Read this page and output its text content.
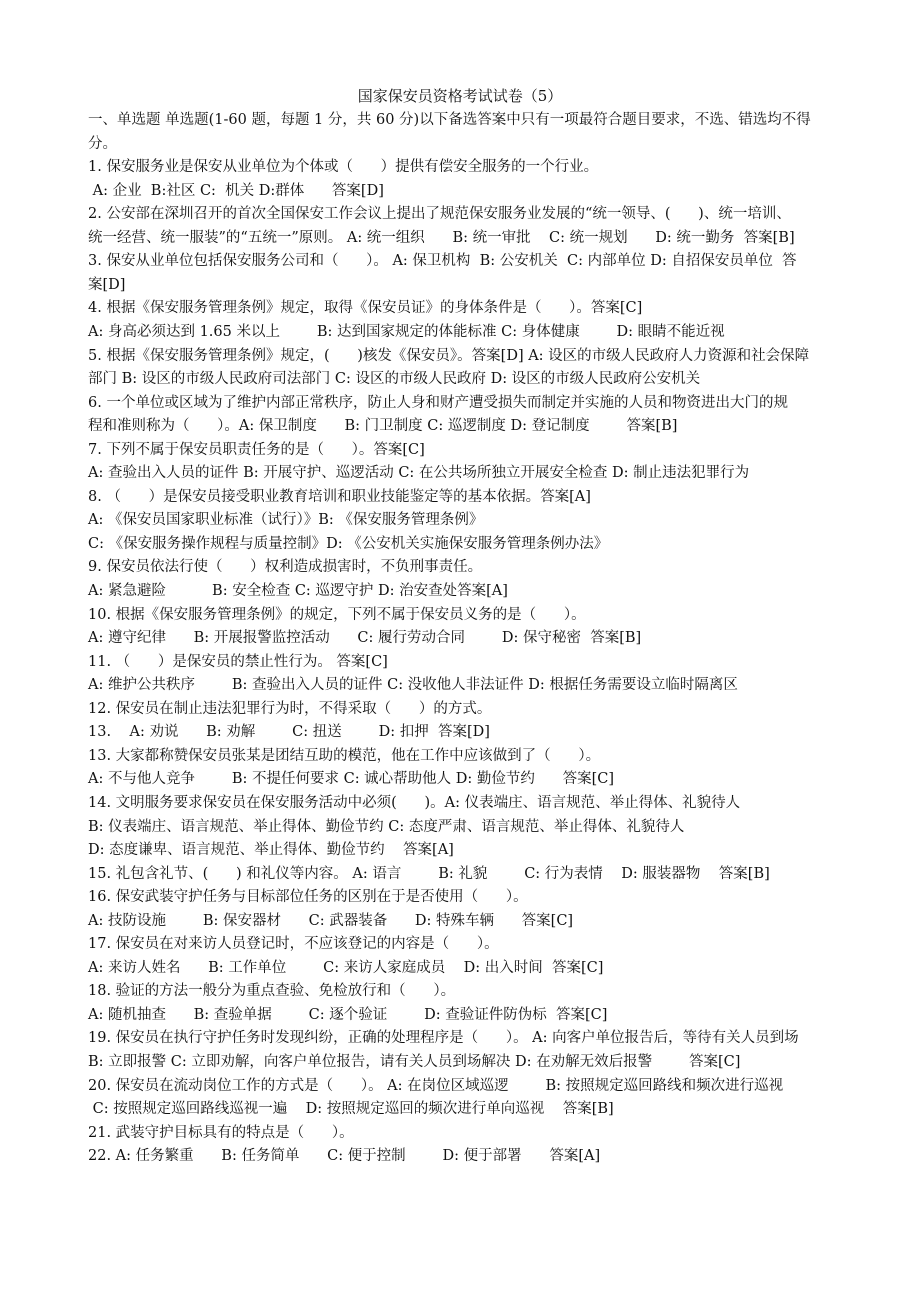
国家保安员资格考试试卷（5）
一、单选题 单选题(1-60 题，每题 1 分，共 60 分)以下备选答案中只有一项最符合题目要求，不选、错选均不得
分。
1. 保安服务业是保安从业单位为个体或（      ）提供有偿安全服务的一个行业。
A: 企业  B:社区 C:  机关 D:群体      答案[D]
2. 公安部在深圳召开的首次全国保安工作会议上提出了规范保安服务业发展的“统一领导、(      )、统一培训、
统一经营、统一服装”的“五统一”原则。 A: 统一组织      B: 统一审批    C: 统一规划      D: 统一勤务  答案[B]
3. 保安从业单位包括保安服务公司和（      ）。 A: 保卫机构  B: 公安机关  C: 内部单位 D: 自招保安员单位  答
案[D]
4. 根据《保安服务管理条例》规定，取得《保安员证》的身体条件是（      ）。答案[C]
A: 身高必须达到 1.65 米以上        B: 达到国家规定的体能标准 C: 身体健康        D: 眼睛不能近视
5. 根据《保安服务管理条例》规定，(      )核发《保安员》。答案[D] A: 设区的市级人民政府人力资源和社会保障
部门 B: 设区的市级人民政府司法部门 C: 设区的市级人民政府 D: 设区的市级人民政府公安机关
6. 一个单位或区域为了维护内部正常秩序，防止人身和财产遭受损失而制定并实施的人员和物资进出大门的规
程和准则称为（      ）。A: 保卫制度      B: 门卫制度 C: 巡逻制度 D: 登记制度        答案[B]
7. 下列不属于保安员职责任务的是（      ）。答案[C]
A: 查验出入人员的证件 B: 开展守护、巡逻活动 C: 在公共场所独立开展安全检查 D: 制止违法犯罪行为
8. （      ）是保安员接受职业教育培训和职业技能鉴定等的基本依据。答案[A]
A: 《保安员国家职业标准（试行）》B: 《保安服务管理条例》
C: 《保安服务操作规程与质量控制》D: 《公安机关实施保安服务管理条例办法》
9. 保安员依法行使（      ）权利造成损害时，不负刑事责任。
A: 紧急避险          B: 安全检查 C: 巡逻守护 D: 治安查处答案[A]
10. 根据《保安服务管理条例》的规定，下列不属于保安员义务的是（      ）。
A: 遵守纪律      B: 开展报警监控活动      C: 履行劳动合同        D: 保守秘密  答案[B]
11. （      ）是保安员的禁止性行为。 答案[C]
A: 维护公共秩序        B: 查验出入人员的证件 C: 没收他人非法证件 D: 根据任务需要设立临时隔离区
12. 保安员在制止违法犯罪行为时，不得采取（      ）的方式。
13.    A: 劝说      B: 劝解        C: 扭送        D: 扣押  答案[D]
13. 大家都称赞保安员张某是团结互助的模范，他在工作中应该做到了（      ）。
A: 不与他人竞争        B: 不提任何要求 C: 诚心帮助他人 D: 勤俭节约      答案[C]
14. 文明服务要求保安员在保安服务活动中必须(      )。A: 仪表端庄、语言规范、举止得体、礼貌待人
B: 仪表端庄、语言规范、举止得体、勤俭节约 C: 态度严肃、语言规范、举止得体、礼貌待人
D: 态度谦卑、语言规范、举止得体、勤俭节约    答案[A]
15. 礼包含礼节、(      ) 和礼仪等内容。 A: 语言        B: 礼貌        C: 行为表情    D: 服装器物    答案[B]
16. 保安武装守护任务与目标部位任务的区别在于是否使用（      ）。
A: 技防设施        B: 保安器材      C: 武器装备      D: 特殊车辆      答案[C]
17. 保安员在对来访人员登记时，不应该登记的内容是（      ）。
A: 来访人姓名      B: 工作单位        C: 来访人家庭成员    D: 出入时间  答案[C]
18. 验证的方法一般分为重点查验、免检放行和（      ）。
A: 随机抽查      B: 查验单据        C: 逐个验证        D: 查验证件防伪标  答案[C]
19. 保安员在执行守护任务时发现纠纷，正确的处理程序是（      ）。 A: 向客户单位报告后，等待有关人员到场
B: 立即报警 C: 立即劝解，向客户单位报告，请有关人员到场解决 D: 在劝解无效后报警        答案[C]
20. 保安员在流动岗位工作的方式是（      ）。 A: 在岗位区域巡逻        B: 按照规定巡回路线和频次进行巡视
C: 按照规定巡回路线巡视一遍    D: 按照规定巡回的频次进行单向巡视    答案[B]
21. 武装守护目标具有的特点是（      ）。
22. A: 任务繁重      B: 任务简单      C: 便于控制        D: 便于部署      答案[A]
